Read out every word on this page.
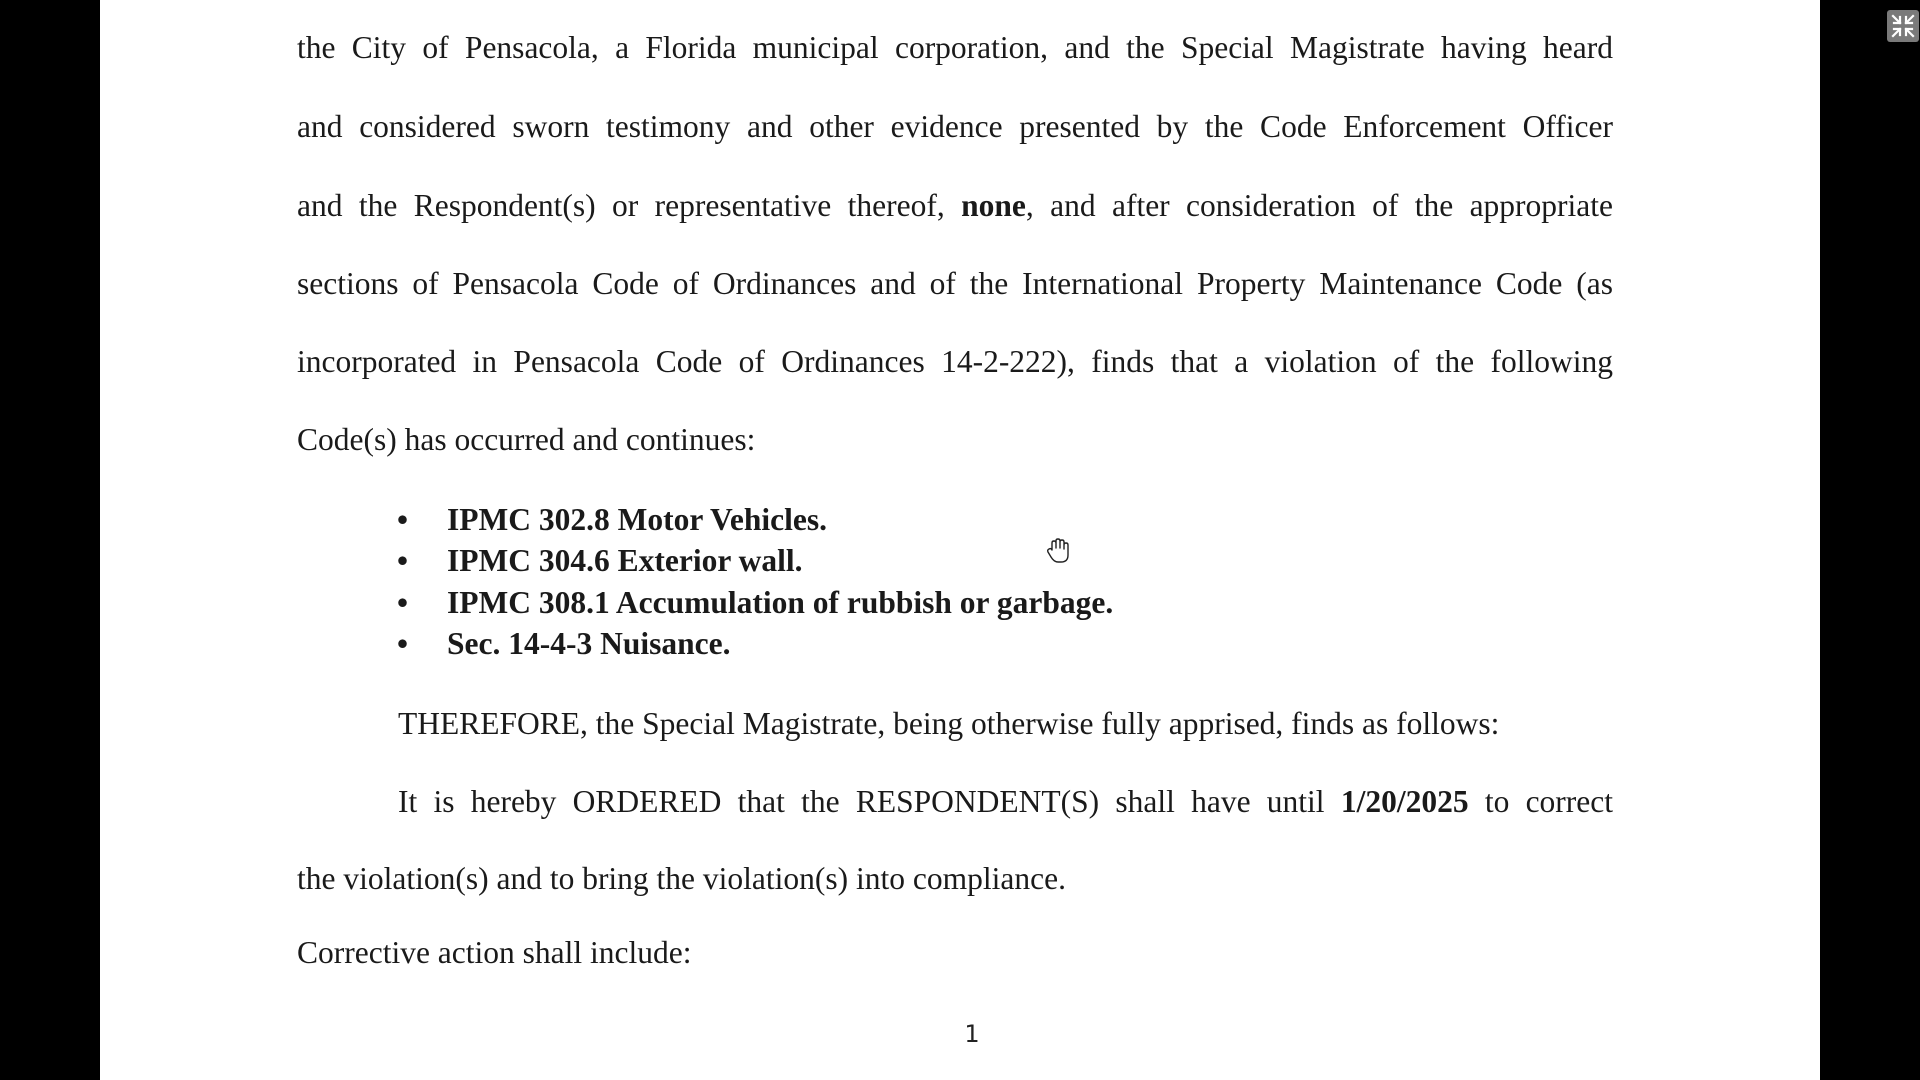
the City of Pensacola, a Florida municipal corporation, and the Special Magistrate having heard
and considered sworn testimony and other evidence presented by the Code Enforcement Officer
and the Respondent(s) or representative thereof, none, and after consideration of the appropriate
sections of Pensacola Code of Ordinances and of the International Property Maintenance Code (as
incorporated in Pensacola Code of Ordinances 14-2-222), finds that a violation of the following
Code(s) has occurred and continues:
• IPMC 302.8 Motor Vehicles.
• IPMC 304.6 Exterior wall.
• IPMC 308.1 Accumulation of rubbish or garbage.
• Sec. 14-4-3 Nuisance.
THEREFORE, the Special Magistrate, being otherwise fully apprised, finds as follows:
It is hereby ORDERED that the RESPONDENT(S) shall have until 1/20/2025 to correct
the violation(s) and to bring the violation(s) into compliance.
Corrective action shall include:
1
